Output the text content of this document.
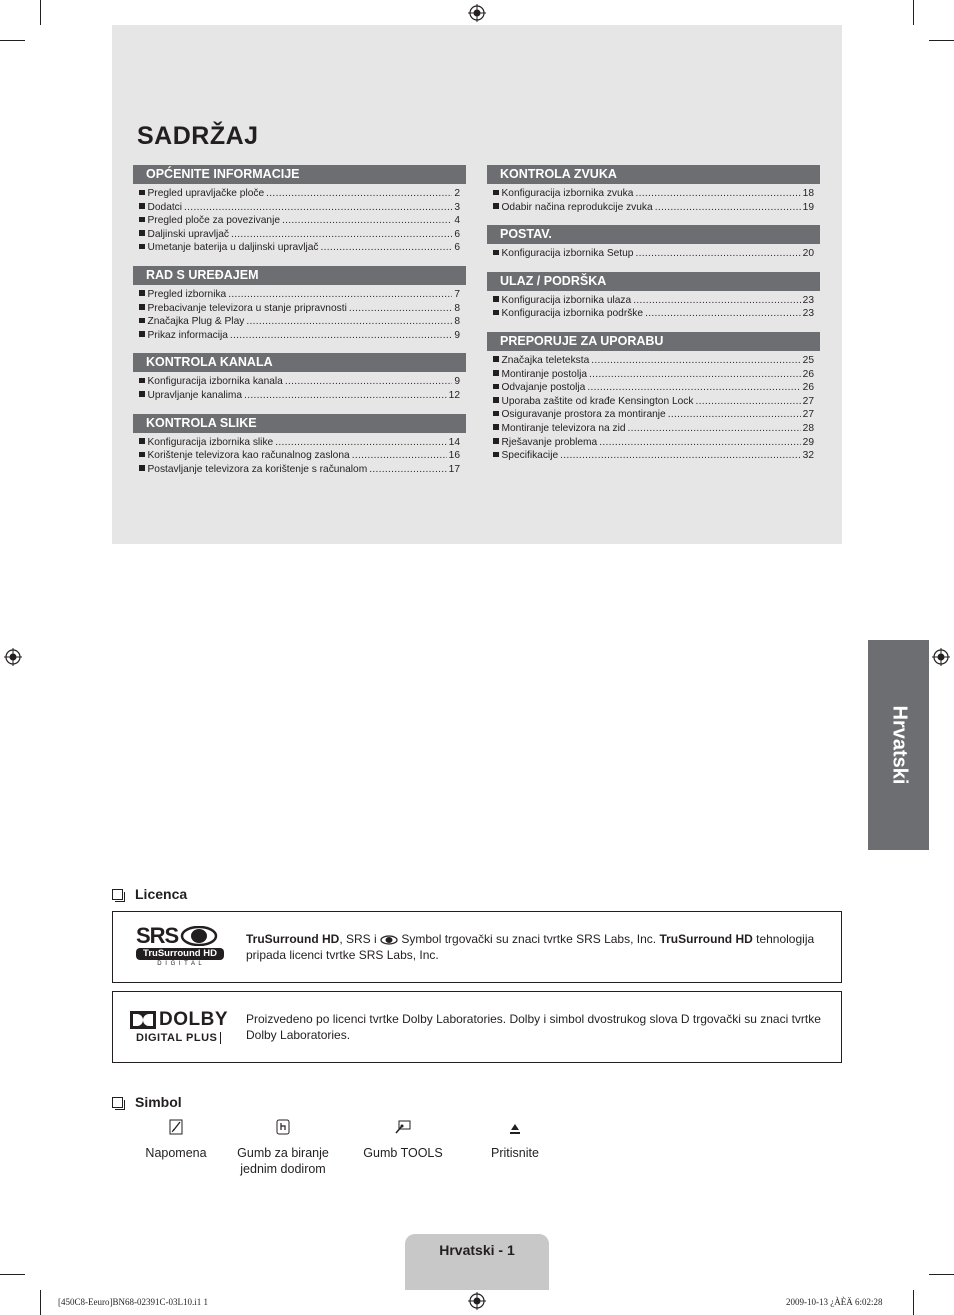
SADRŽAJ
OPĆENITE INFORMACIJE
Pregled upravljačke ploče .....	2
Dodatci .....	3
Pregled ploče za povezivanje .....	4
Daljinski upravljač .....	6
Umetanje baterija u daljinski upravljač .....	6
RAD S UREĐAJEM
Pregled izbornika .....	7
Prebacivanje televizora u stanje pripravnosti .....	8
Značajka Plug & Play .....	8
Prikaz informacija .....	9
KONTROLA KANALA
Konfiguracija izbornika kanala .....	9
Upravljanje kanalima .....	12
KONTROLA SLIKE
Konfiguracija izbornika slike .....	14
Korištenje televizora kao računalnog zaslona .....	16
Postavljanje televizora za korištenje s računalom .....	17
KONTROLA ZVUKA
Konfiguracija izbornika zvuka .....	18
Odabir načina reprodukcije zvuka .....	19
POSTAV.
Konfiguracija izbornika Setup .....	20
ULAZ / PODRŠKA
Konfiguracija izbornika ulaza .....	23
Konfiguracija izbornika podrške .....	23
PREPORUJE ZA UPORABU
Značajka teleteksta .....	25
Montiranje postolja .....	26
Odvajanje postolja .....	26
Uporaba zaštite od krađe Kensington Lock .....	27
Osiguravanje prostora za montiranje .....	27
Montiranje televizora na zid .....	28
Rješavanje problema .....	29
Specifikacije .....	32
Hrvatski
Licenca
SRS
TruSurround HD
D I G I T A L
TruSurround HD, SRS i  Symbol trgovački su znaci tvrtke SRS Labs, Inc. TruSurround HD tehnologija pripada licenci tvrtke SRS Labs, Inc.
DOLBY
DIGITAL PLUS
Proizvedeno po licenci tvrtke Dolby Laboratories. Dolby i simbol dvostrukog slova D trgovački su znaci tvrtke Dolby Laboratories.
Simbol
Napomena	Gumb za biranje jednim dodirom
Gumb TOOLS	Pritisnite
Hrvatski - 1
[450C8-Eeuro]BN68-02391C-03L10.i1 1	2009-10-13 ¿ÀÈÄ 6:02:28
